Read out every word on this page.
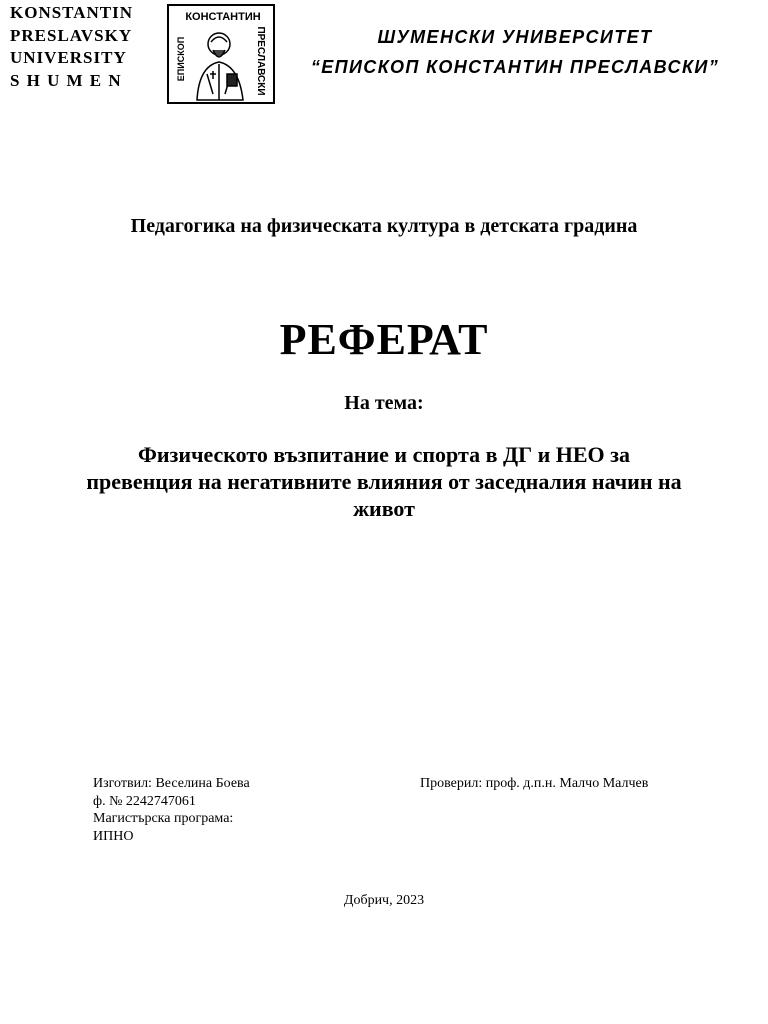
KONSTANTIN
PRESLAVSKY
UNIVERSITY
SHUMEN
КОНСТАНТИН
ЕПИСКОП	ПРЕСЛАВСКИ	ШУМЕНСКИ УНИВЕРСИТЕТ
“ЕПИСКОП КОНСТАНТИН ПРЕСЛАВСКИ”
Педагогика на физическата култура в детската градина
РЕФЕРАТ
На тема:
Физическото възпитание и спорта в ДГ и НЕО за превенция на негативните влияния от заседналия начин на живот
Изготвил: Веселина Боева
ф. № 2242747061
Магистърска програма:
ИПНО
Проверил: проф. д.п.н. Малчо Малчев
Добрич, 2023
